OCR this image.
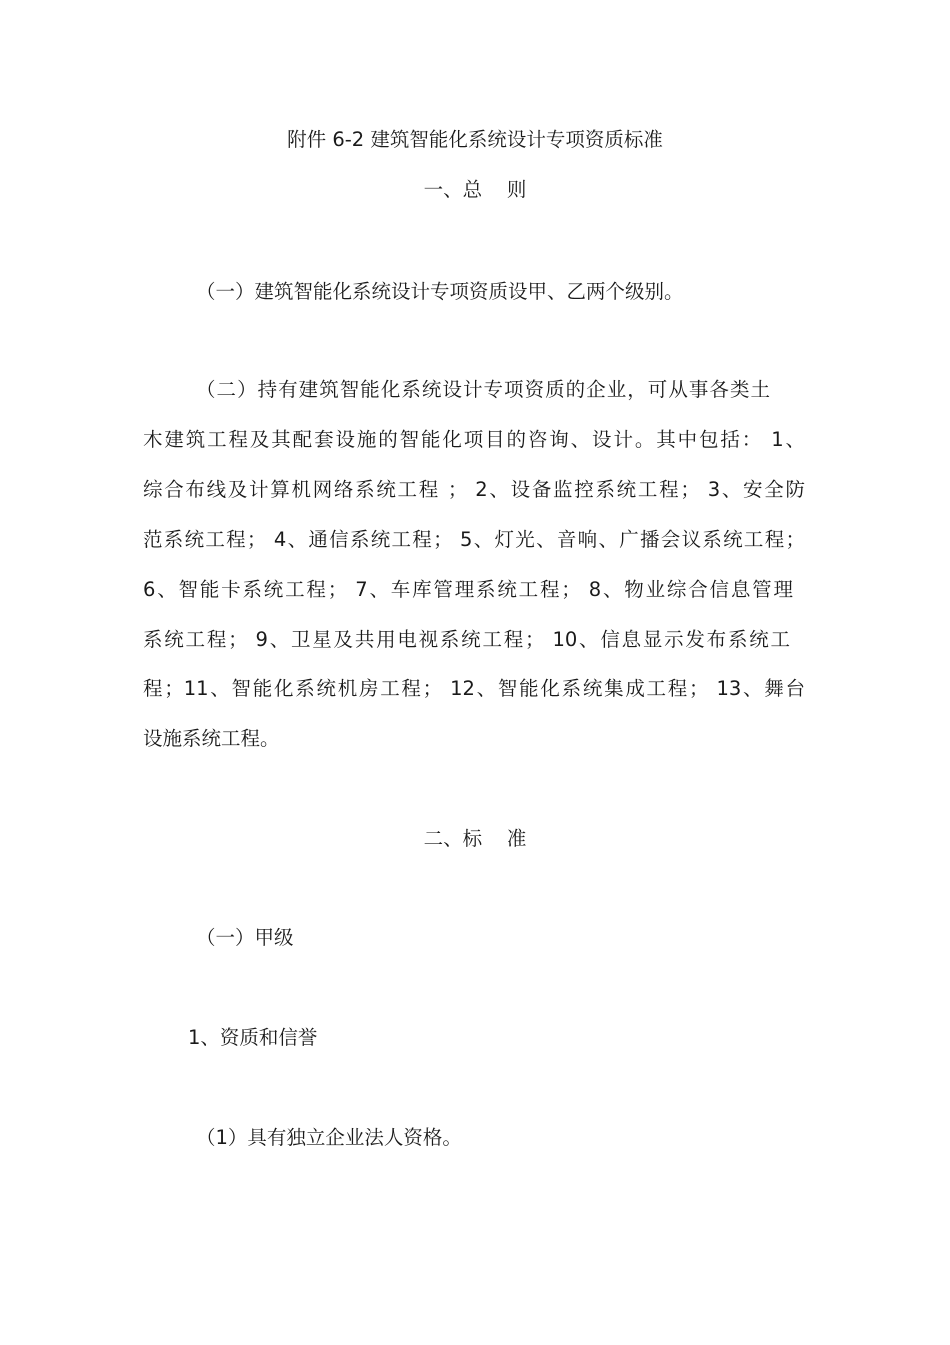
附件 6-2 建筑智能化系统设计专项资质标准
一、总    则
（一）建筑智能化系统设计专项资质设甲、乙两个级别。
（二）持有建筑智能化系统设计专项资质的企业，可从事各类土
木建筑工程及其配套设施的智能化项目的咨询、设计。其中包括： 1、
综合布线及计算机网络系统工程 ； 2、设备监控系统工程； 3、安全防
范系统工程； 4、通信系统工程； 5、灯光、音响、广播会议系统工程；
6、智能卡系统工程； 7、车库管理系统工程； 8、物业综合信息管理
系统工程； 9、卫星及共用电视系统工程； 10、信息显示发布系统工
程；11、智能化系统机房工程； 12、智能化系统集成工程； 13、舞台
设施系统工程。
二、标    准
（一）甲级
1、资质和信誉
（1）具有独立企业法人资格。
